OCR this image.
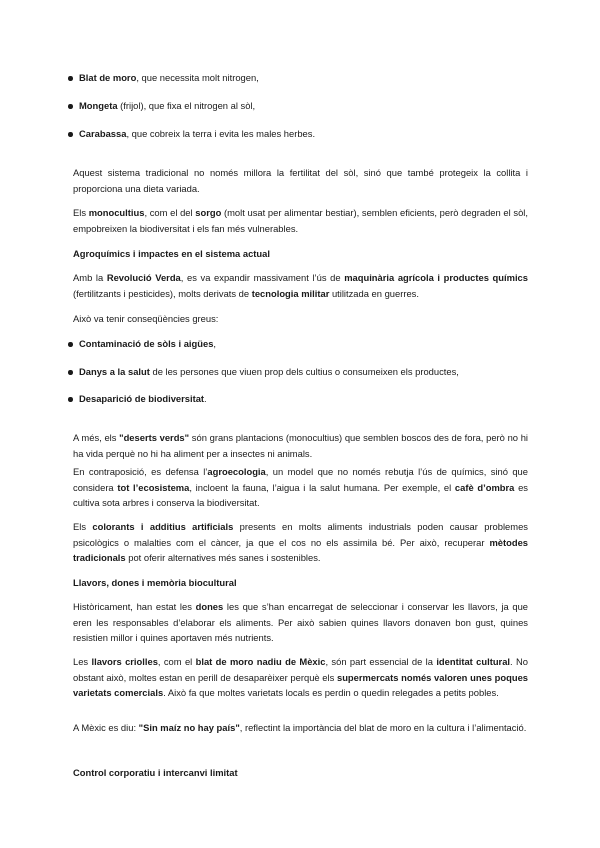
Blat de moro, que necessita molt nitrogen,
Mongeta (frijol), que fixa el nitrogen al sòl,
Carabassa, que cobreix la terra i evita les males herbes.
Aquest sistema tradicional no només millora la fertilitat del sòl, sinó que també protegeix la collita i proporciona una dieta variada.
Els monocultius, com el del sorgo (molt usat per alimentar bestiar), semblen eficients, però degraden el sòl, empobreixen la biodiversitat i els fan més vulnerables.
Agroquímics i impactes en el sistema actual
Amb la Revolució Verda, es va expandir massivament l’ús de maquinària agrícola i productes químics (fertilitzants i pesticides), molts derivats de tecnologia militar utilitzada en guerres.
Això va tenir conseqüències greus:
Contaminació de sòls i aigües,
Danys a la salut de les persones que viuen prop dels cultius o consumeixen els productes,
Desaparició de biodiversitat.
A més, els "deserts verds" són grans plantacions (monocultius) que semblen boscos des de fora, però no hi ha vida perquè no hi ha aliment per a insectes ni animals.
En contraposició, es defensa l’agroecologia, un model que no només rebutja l’ús de químics, sinó que considera tot l’ecosistema, incloent la fauna, l’aigua i la salut humana. Per exemple, el cafè d’ombra es cultiva sota arbres i conserva la biodiversitat.
Els colorants i additius artificials presents en molts aliments industrials poden causar problemes psicològics o malalties com el càncer, ja que el cos no els assimila bé. Per això, recuperar mètodes tradicionals pot oferir alternatives més sanes i sostenibles.
Llavors, dones i memòria biocultural
Històricament, han estat les dones les que s’han encarregat de seleccionar i conservar les llavors, ja que eren les responsables d’elaborar els aliments. Per això sabien quines llavors donaven bon gust, quines resistien millor i quines aportaven més nutrients.
Les llavors criolles, com el blat de moro nadiu de Mèxic, són part essencial de la identitat cultural. No obstant això, moltes estan en perill de desaparèixer perquè els supermercats només valoren unes poques varietats comercials. Això fa que moltes varietats locals es perdin o quedin relegades a petits pobles.
A Mèxic es diu: "Sin maíz no hay país", reflectint la importància del blat de moro en la cultura i l’alimentació.
Control corporatiu i intercanvi limitat
